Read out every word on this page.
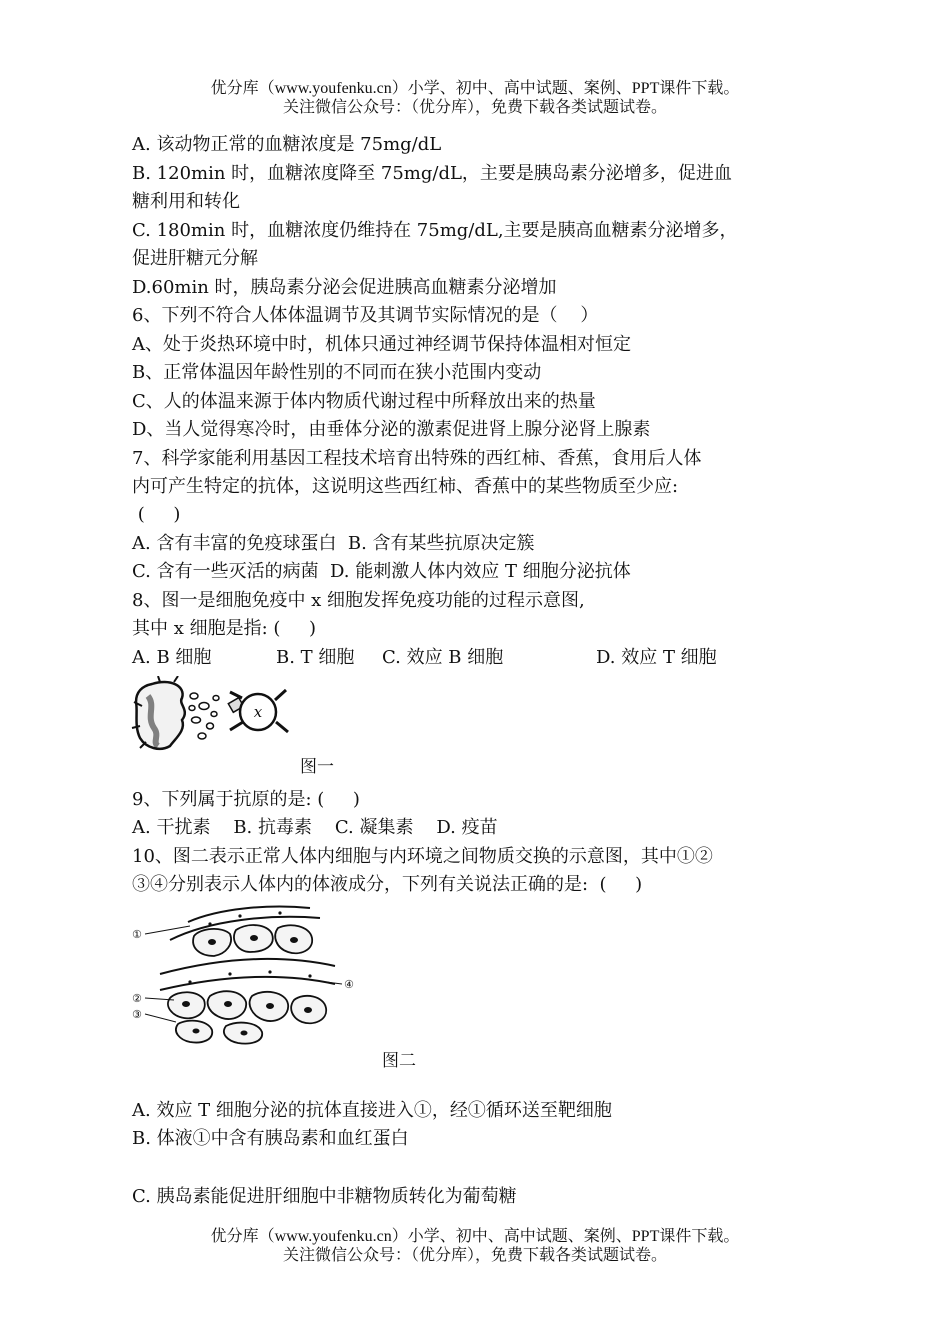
优分库（www.youfenku.cn）小学、初中、高中试题、案例、PPT课件下载。
关注微信公众号：（优分库），免费下载各类试题试卷。
A. 该动物正常的血糖浓度是 75mg/dL
B. 120min 时，血糖浓度降至 75mg/dL，主要是胰岛素分泌增多，促进血
糖利用和转化
C. 180min 时，血糖浓度仍维持在 75mg/dL,主要是胰高血糖素分泌增多，
促进肝糖元分解
D.60min 时，胰岛素分泌会促进胰高血糖素分泌增加
6、下列不符合人体体温调节及其调节实际情况的是（    ）
A、处于炎热环境中时，机体只通过神经调节保持体温相对恒定
B、正常体温因年龄性别的不同而在狭小范围内变动
C、人的体温来源于体内物质代谢过程中所释放出来的热量
D、当人觉得寒冷时，由垂体分泌的激素促进肾上腺分泌肾上腺素
7、科学家能利用基因工程技术培育出特殊的西红柿、香蕉，食用后人体
内可产生特定的抗体，这说明这些西红柿、香蕉中的某些物质至少应:
(     )
A. 含有丰富的免疫球蛋白  B. 含有某些抗原决定簇
C. 含有一些灭活的病菌  D. 能刺激人体内效应 T 细胞分泌抗体
8、图一是细胞免疫中 x 细胞发挥免疫功能的过程示意图,
其中 x 细胞是指: (     )
A. B 细胞	B. T 细胞 C. 效应 B 细胞	D. 效应 T 细胞
x
图一
9、下列属于抗原的是: (     )
A. 干扰素    B. 抗毒素    C. 凝集素    D. 疫苗
10、图二表示正常人体内细胞与内环境之间物质交换的示意图，其中①②
③④分别表示人体内的体液成分，下列有关说法正确的是:  (     )
①
②
③
④
图二
A. 效应 T 细胞分泌的抗体直接进入①，经①循环送至靶细胞
B. 体液①中含有胰岛素和血红蛋白
C. 胰岛素能促进肝细胞中非糖物质转化为葡萄糖
优分库（www.youfenku.cn）小学、初中、高中试题、案例、PPT课件下载。
关注微信公众号：（优分库），免费下载各类试题试卷。
